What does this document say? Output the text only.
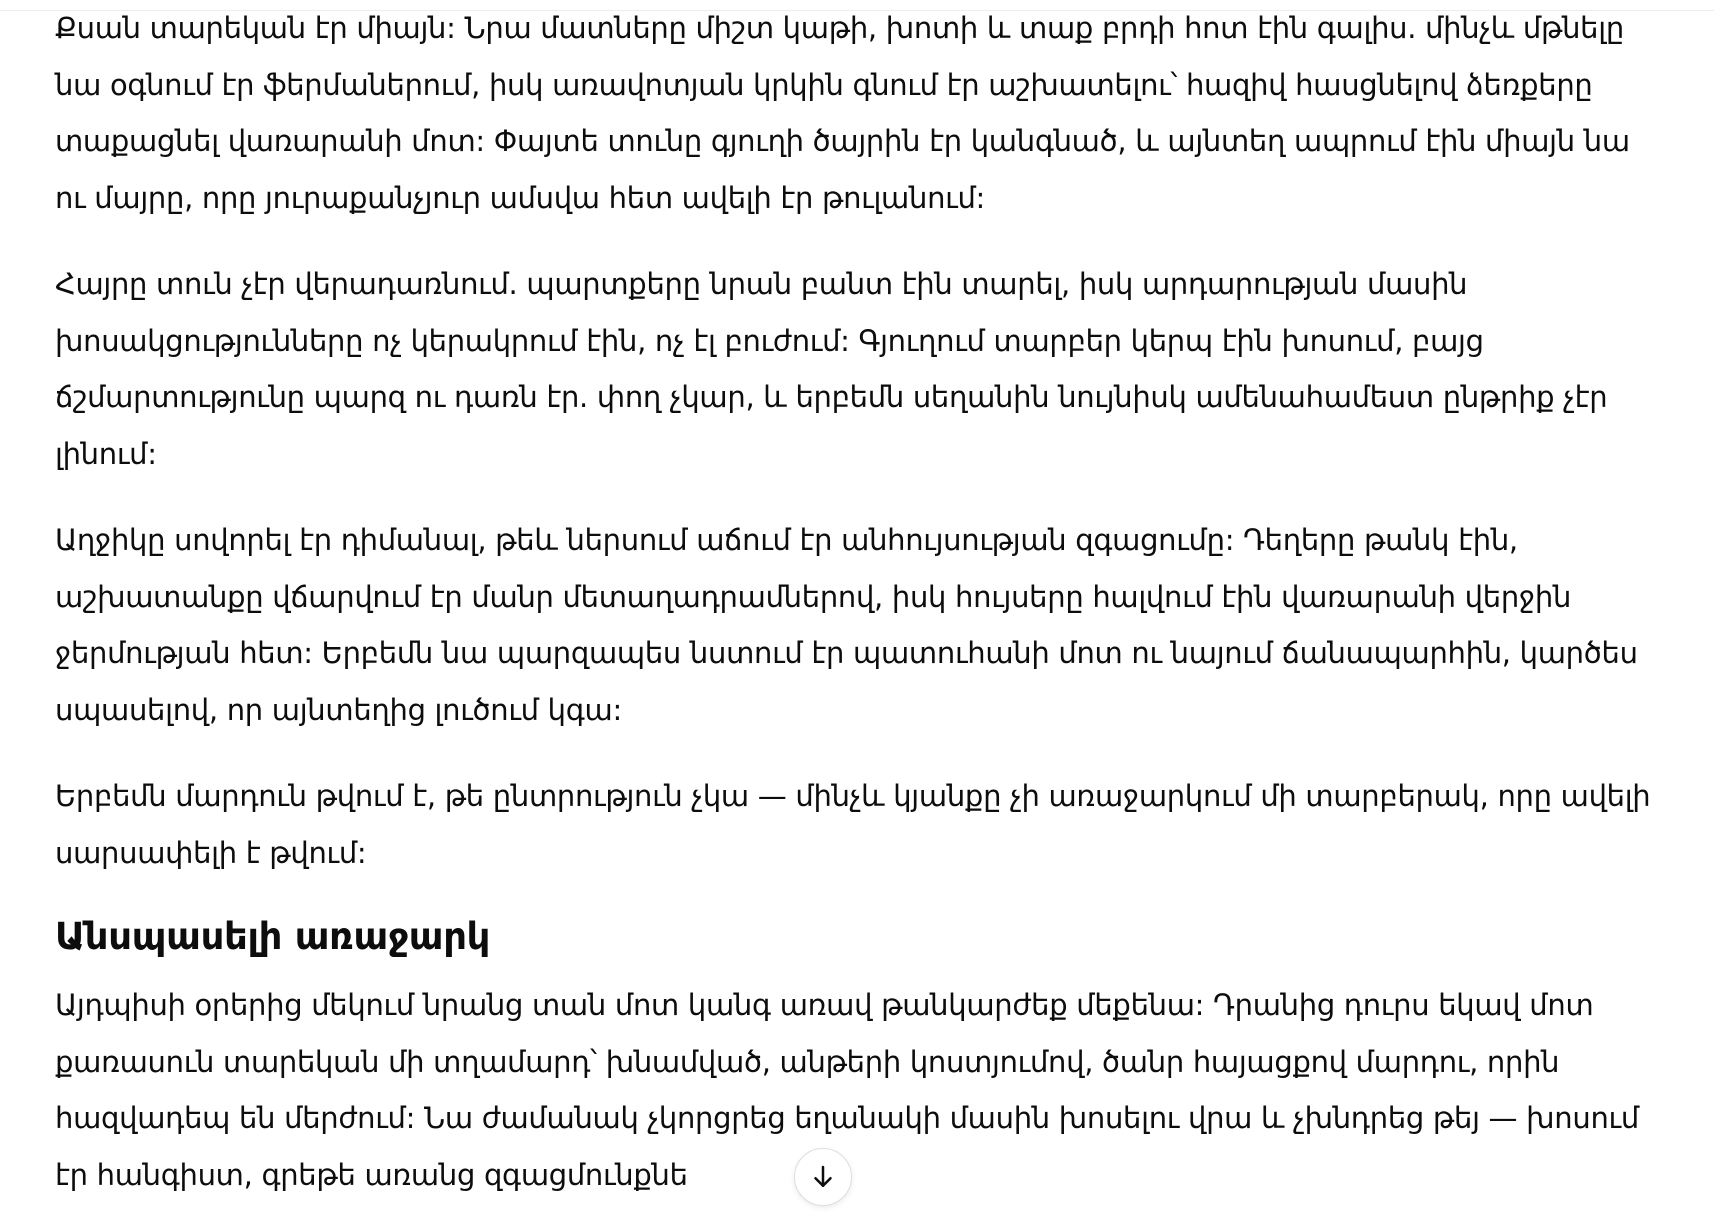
Քսան տարեկան էր միայն: Նրա մատները միշտ կաթի, խոտի և տաք բրդի հոտ էին գալիս. մինչև մթնելը նա օգնում էր ֆերմաներում, իսկ առավոտյան կրկին գնում էր աշխատելու՝ հազիվ հասցնելով ձեռքերը տաքացնել վառարանի մոտ: Փայտե տունը գյուղի ծայրին էր կանգնած, և այնտեղ ապրում էին միայն նա ու մայրը, որը յուրաքանչյուր ամսվա հետ ավելի էր թուլանում:

Հայրը տուն չէր վերադառնում. պարտքերը նրան բանտ էին տարել, իսկ արդարության մասին խոսակցությունները ոչ կերակրում էին, ոչ էլ բուժում: Գյուղում տարբեր կերպ էին խոսում, բայց ճշմարտությունը պարզ ու դառն էր. փող չկար, և երբեմն սեղանին նույնիսկ ամենահամեստ ընթրիք չէր լինում:

Աղջիկը սովորել էր դիմանալ, թեև ներսում աճում էր անհույսության զգացումը: Դեղերը թանկ էին, աշխատանքը վճարվում էր մանր մետաղադրամներով, իսկ հույսերը հալվում էին վառարանի վերջին ջերմության հետ: Երբեմն նա պարզապես նստում էր պատուհանի մոտ ու նայում ճանապարհին, կարծես սպասելով, որ այնտեղից լուծում կգա:

Երբեմն մարդուն թվում է, թե ընտրություն չկա — մինչև կյանքը չի առաջարկում մի տարբերակ, որը ավելի սարսափելի է թվում:

Անսպասելի առաջարկ

Այդպիսի օրերից մեկում նրանց տան մոտ կանգ առավ թանկարժեք մեքենա: Դրանից դուրս եկավ մոտ քառասուն տարեկան մի տղամարդ՝ խնամված, անթերի կոստյումով, ծանր հայացքով մարդու, որին հազվադեպ են մերժում: Նա ժամանակ չկորցրեց եղանակի մասին խոսելու վրա և չխնդրեց թեյ — խոսում էր հանգիստ, գրեթե առանց զգացմունքնե
